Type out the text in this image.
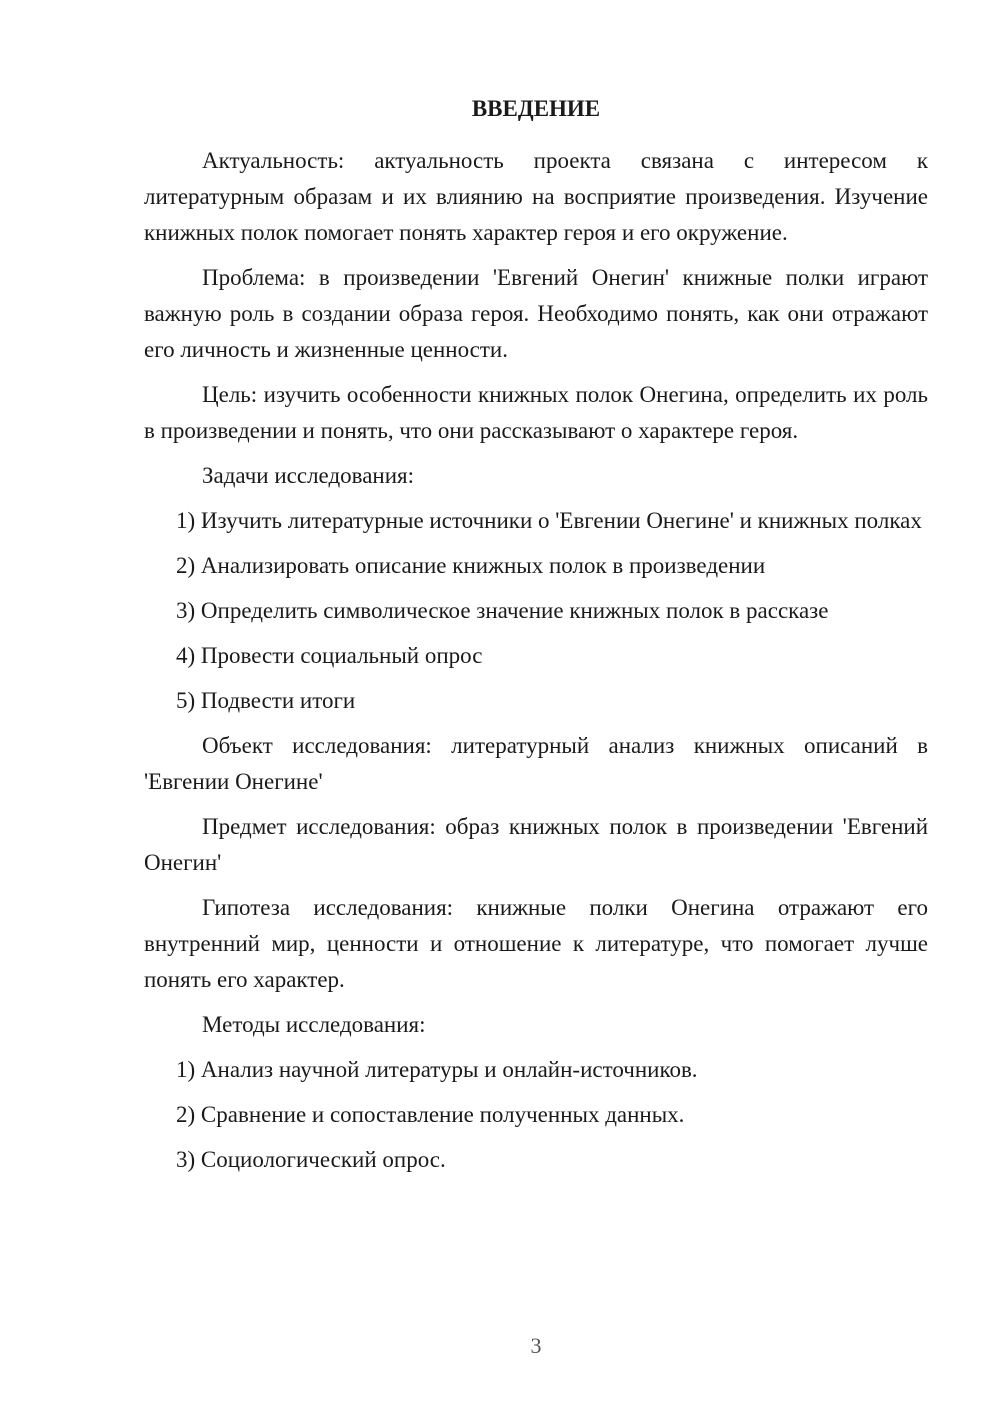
ВВЕДЕНИЕ

Актуальность: актуальность проекта связана с интересом к литературным образам и их влиянию на восприятие произведения. Изучение книжных полок помогает понять характер героя и его окружение.

Проблема: в произведении 'Евгений Онегин' книжные полки играют важную роль в создании образа героя. Необходимо понять, как они отражают его личность и жизненные ценности.

Цель: изучить особенности книжных полок Онегина, определить их роль в произведении и понять, что они рассказывают о характере героя.

Задачи исследования:

1) Изучить литературные источники о 'Евгении Онегине' и книжных полках

2) Анализировать описание книжных полок в произведении

3) Определить символическое значение книжных полок в рассказе

4) Провести социальный опрос

5) Подвести итоги

Объект исследования: литературный анализ книжных описаний в 'Евгении Онегине'

Предмет исследования: образ книжных полок в произведении 'Евгений Онегин'

Гипотеза исследования: книжные полки Онегина отражают его внутренний мир, ценности и отношение к литературе, что помогает лучше понять его характер.

Методы исследования:

1) Анализ научной литературы и онлайн-источников.

2) Сравнение и сопоставление полученных данных.

3) Социологический опрос.

3
